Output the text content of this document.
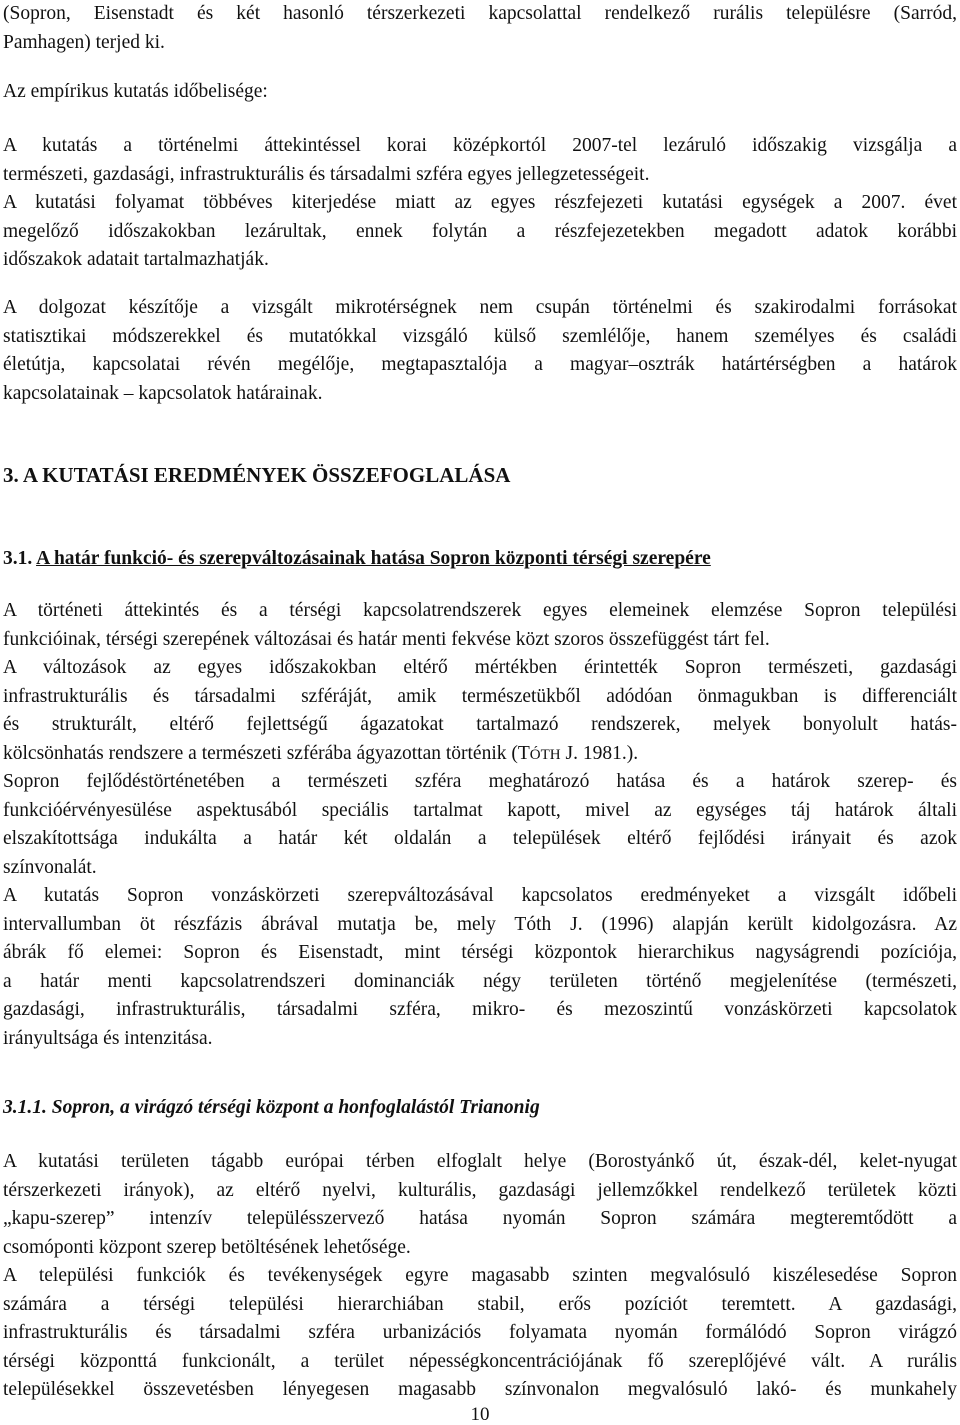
(Sopron, Eisenstadt és két hasonló térszerkezeti kapcsolattal rendelkező rurális településre (Sarród,
Pamhagen) terjed ki.
Az empírikus kutatás időbelisége:
A kutatás a történelmi áttekintéssel korai középkortól 2007-tel lezáruló időszakig vizsgálja a
természeti, gazdasági, infrastrukturális és társadalmi szféra egyes jellegzetességeit.
A kutatási folyamat többéves kiterjedése miatt az egyes részfejezeti kutatási egységek a 2007. évet
megelőző időszakokban lezárultak, ennek folytán a részfejezetekben megadott adatok korábbi
időszakok adatait tartalmazhatják.
A dolgozat készítője a vizsgált mikrotérségnek nem csupán történelmi és szakirodalmi forrásokat
statisztikai módszerekkel és mutatókkal vizsgáló külső szemlélője, hanem személyes és családi
életútja, kapcsolatai révén megélője, megtapasztalója a magyar–osztrák határtérségben a határok
kapcsolatainak – kapcsolatok határainak.
3. A KUTATÁSI EREDMÉNYEK ÖSSZEFOGLALÁSA
3.1. A határ funkció- és szerepváltozásainak hatása Sopron központi térségi szerepére
A történeti áttekintés és a térségi kapcsolatrendszerek egyes elemeinek elemzése Sopron települési
funkcióinak, térségi szerepének változásai és határ menti fekvése közt szoros összefüggést tárt fel.
A változások az egyes időszakokban eltérő mértékben érintették Sopron természeti, gazdasági
infrastrukturális és társadalmi szféráját, amik természetükből adódóan önmagukban is differenciált
és strukturált, eltérő fejlettségű ágazatokat tartalmazó rendszerek, melyek bonyolult hatás-
kölcsönhatás rendszere a természeti szférába ágyazottan történik (TÓTH J. 1981.).
Sopron fejlődéstörténetében a természeti szféra meghatározó hatása és a határok szerep- és
funkcióérvényesülése aspektusából speciális tartalmat kapott, mivel az egységes táj határok általi
elszakítottsága indukálta a határ két oldalán a települések eltérő fejlődési irányait és azok
színvonalát.
A kutatás Sopron vonzáskörzeti szerepváltozásával kapcsolatos eredményeket a vizsgált időbeli
intervallumban öt részfázis ábrával mutatja be, mely Tóth J. (1996) alapján került kidolgozásra. Az
ábrák fő elemei: Sopron és Eisenstadt, mint térségi központok hierarchikus nagyságrendi pozíciója,
a határ menti kapcsolatrendszeri dominanciák négy területen történő megjelenítése (természeti,
gazdasági, infrastrukturális, társadalmi szféra, mikro- és mezoszintű vonzáskörzeti kapcsolatok
irányultsága és intenzitása.
3.1.1. Sopron, a virágzó térségi központ a honfoglalástól Trianonig
A kutatási területen tágabb európai térben elfoglalt helye (Borostyánkő út, észak-dél, kelet-nyugat
térszerkezeti irányok), az eltérő nyelvi, kulturális, gazdasági jellemzőkkel rendelkező területek közti
„kapu-szerep” intenzív településszervező hatása nyomán Sopron számára megteremtődött a
csomóponti központ szerep betöltésének lehetősége.
A települési funkciók és tevékenységek egyre magasabb szinten megvalósuló kiszélesedése Sopron
számára a térségi települési hierarchiában stabil, erős pozíciót teremtett. A gazdasági,
infrastrukturális és társadalmi szféra urbanizációs folyamata nyomán formálódó Sopron virágzó
térségi központtá funkcionált, a terület népességkoncentrációjának fő szereplőjévé vált. A rurális
településekkel összevetésben lényegesen magasabb színvonalon megvalósuló lakó- és munkahely
10
